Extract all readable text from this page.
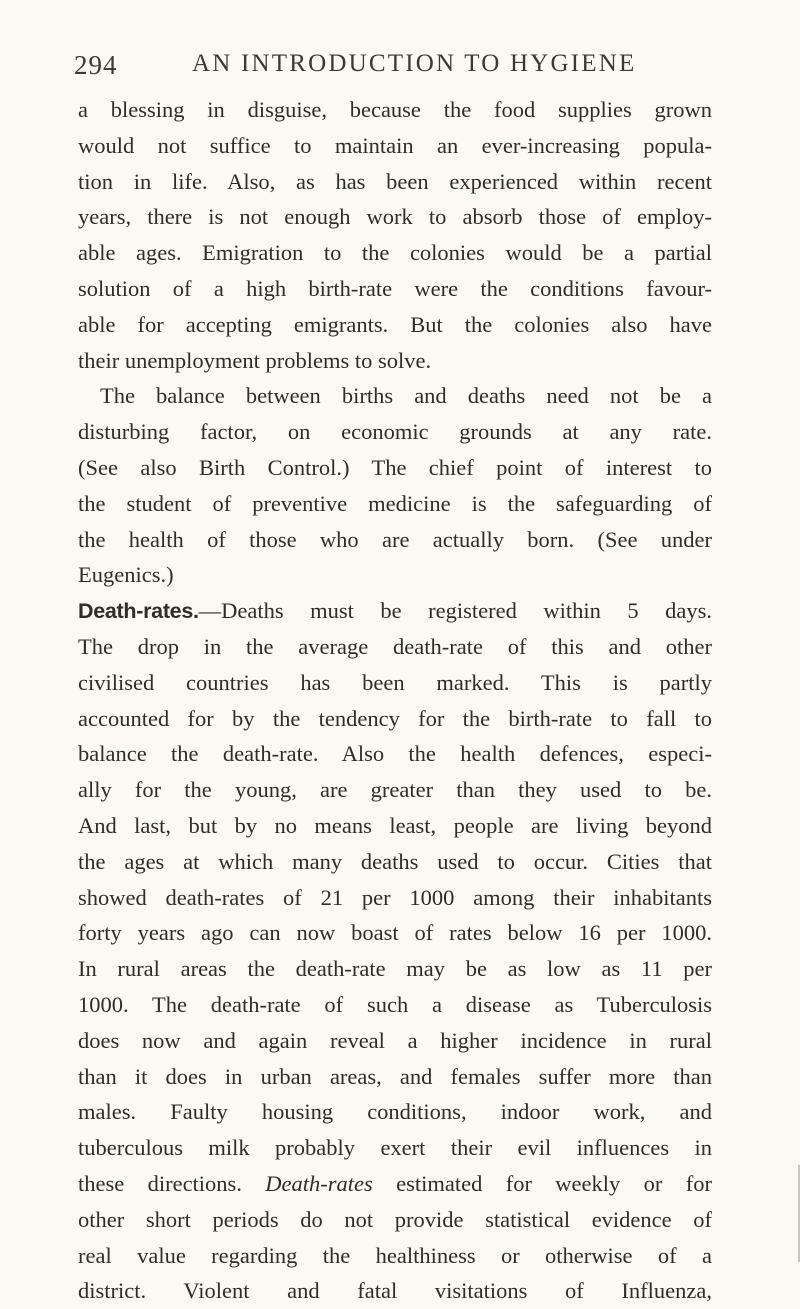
294	AN INTRODUCTION TO HYGIENE
a blessing in disguise, because the food supplies grown
would not suffice to maintain an ever-increasing popula-
tion in life. Also, as has been experienced within recent
years, there is not enough work to absorb those of employ-
able ages. Emigration to the colonies would be a partial
solution of a high birth-rate were the conditions favour-
able for accepting emigrants. But the colonies also have
their unemployment problems to solve.
The balance between births and deaths need not be a
disturbing factor, on economic grounds at any rate.
(See also Birth Control.) The chief point of interest to
the student of preventive medicine is the safeguarding of
the health of those who are actually born. (See under
Eugenics.)
Death-rates.—Deaths must be registered within 5 days.
The drop in the average death-rate of this and other
civilised countries has been marked. This is partly
accounted for by the tendency for the birth-rate to fall to
balance the death-rate. Also the health defences, especi-
ally for the young, are greater than they used to be.
And last, but by no means least, people are living beyond
the ages at which many deaths used to occur. Cities that
showed death-rates of 21 per 1000 among their inhabitants
forty years ago can now boast of rates below 16 per 1000.
In rural areas the death-rate may be as low as 11 per
1000. The death-rate of such a disease as Tuberculosis
does now and again reveal a higher incidence in rural
than it does in urban areas, and females suffer more than
males. Faulty housing conditions, indoor work, and
tuberculous milk probably exert their evil influences in
these directions. Death-rates estimated for weekly or for
other short periods do not provide statistical evidence of
real value regarding the healthiness or otherwise of a
district. Violent and fatal visitations of Influenza,
